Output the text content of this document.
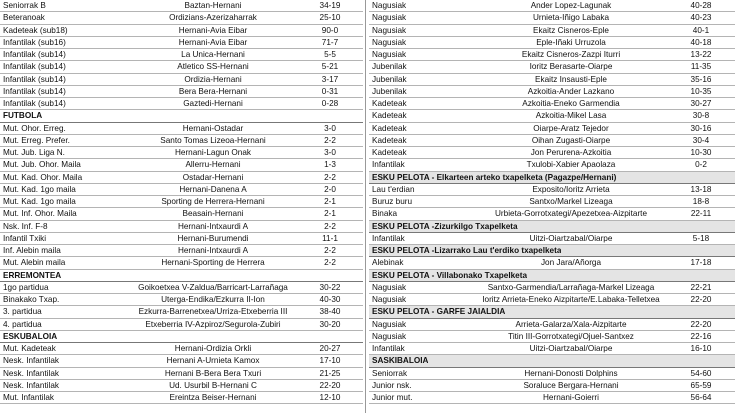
Seniorrak B	Baztan-Hernani	34-19
Beteranoak	Ordizians-Azerizaharrak	25-10
Kadeteak (sub18)	Hernani-Avia Eibar	90-0
Infantilak (sub16)	Hernani-Avia Eibar	71-7
Infantilak (sub14)	La Unica-Hernani	5-5
Infantilak (sub14)	Atletico SS-Hernani	5-21
Infantilak (sub14)	Ordizia-Hernani	3-17
Infantilak (sub14)	Bera Bera-Hernani	0-31
Infantilak (sub14)	Gaztedi-Hernani	0-28
FUTBOLA
Mut. Ohor. Erreg.	Hernani-Ostadar	3-0
Mut. Erreg. Prefer.	Santo Tomas Lizeoa-Hernani	2-2
Mut. Jub. Liga N.	Hernani-Lagun Onak	3-0
Mut. Jub. Ohor. Maila	Allerru-Hernani	1-3
Mut. Kad. Ohor. Maila	Ostadar-Hernani	2-2
Mut. Kad. 1go maila	Hernani-Danena A	2-0
Mut. Kad. 1go maila	Sporting de Herrera-Hernani	2-1
Mut. Inf. Ohor. Maila	Beasain-Hernani	2-1
Nsk. Inf. F-8	Hernani-Intxaurdi A	2-2
Infantil Txiki	Hernani-Burumendi	11-1
Inf. Alebin maila	Hernani-Intxaurdi A	2-2
Mut. Alebin maila	Hernani-Sporting de Herrera	2-2
ERREMONTEA
1go partidua	Goikoetxea V-Zaldua/Barricart-Larrañaga	30-22
Binakako Txap.	Uterga-Endika/Ezkurra II-Ion	40-30
3. partidua	Ezkurra-Barrenetxea/Urriza-Etxeberria III	38-40
4. partidua	Etxeberria IV-Azpiroz/Segurola-Zubiri	30-20
ESKUBALOIA
Mut. Kadeteak	Hernani-Ordizia Orkli	20-27
Nesk. Infantilak	Hernani A-Urnieta Kamox	17-10
Nesk. Infantilak	Hernani B-Bera Bera Txuri	21-25
Nesk. Infantilak	Ud. Usurbil B-Hernani C	22-20
Mut. Infantilak	Ereintza Beiser-Hernani	12-10
Nagusiak	Ander Lopez-Lagunak	40-28
Nagusiak	Urnieta-Iñigo Labaka	40-23
Nagusiak	Ekaitz Cisneros-Eple	40-1
Nagusiak	Eple-Iñaki Urruzola	40-18
Nagusiak	Ekaitz Cisneros-Zazpi Iturri	13-22
Jubenilak	Ioritz Berasarte-Oiarpe	11-35
Jubenilak	Ekaitz Insausti-Eple	35-16
Jubenilak	Azkoitia-Ander Lazkano	10-35
Kadeteak	Azkoitia-Eneko Garmendia	30-27
Kadeteak	Azkoitia-Mikel Lasa	30-8
Kadeteak	Oiarpe-Aratz Tejedor	30-16
Kadeteak	Oihan Zugasti-Oiarpe	30-4
Kadeteak	Jon Perurena-Azkoitia	10-30
Infantilak	Txulobi-Xabier Apaolaza	0-2
ESKU PELOTA - Elkarteen arteko txapelketa (Pagazpe/Hernani)
Lau t'erdian	Exposito/Ioritz Arrieta	13-18
Buruz buru	Santxo/Markel Lizeaga	18-8
Binaka	Urbieta-Gorrotxategi/Apezetxea-Aizpitarte	22-11
ESKU PELOTA -Zizurkilgo Txapelketa
Infantilak	Uitzi-Oiartzabal/Oiarpe	5-18
ESKU PELOTA -Lizarrako Lau t'erdiko txapelketa
Alebinak	Jon Jara/Añorga	17-18
ESKU PELOTA - Villabonako Txapelketa
Nagusiak	Santxo-Garmendia/Larrañaga-Markel Lizeaga	22-21
Nagusiak	Ioritz Arrieta-Eneko Aizpitarte/E.Labaka-Telletxea	22-20
ESKU PELOTA - GARFE JAIALDIA
Nagusiak	Arrieta-Galarza/Xala-Aizpitarte	22-20
Nagusiak	Titin III-Gorrotxategi/Ojuel-Santxez	22-16
Infantilak	Uitzi-Oiartzabal/Oiarpe	16-10
SASKIBALOIA
Seniorrak	Hernani-Donosti Dolphins	54-60
Junior nsk.	Soraluce Bergara-Hernani	65-59
Junior mut.	Hernani-Goierri	56-64
